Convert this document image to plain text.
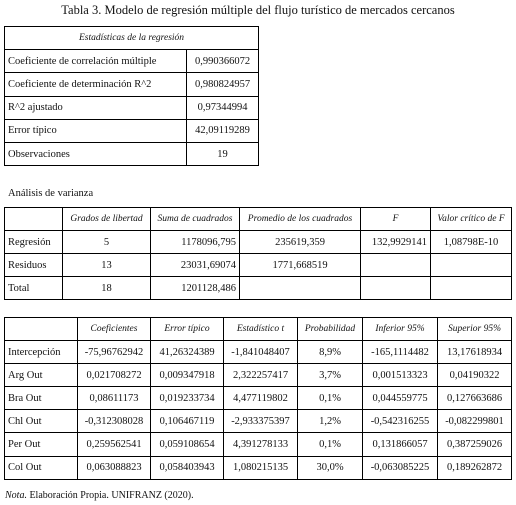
Tabla 3. Modelo de regresión múltiple del flujo turístico de mercados cercanos
Estadísticas de la regresión	
Coeficiente de correlación múltiple	0,990366072
Coeficiente de determinación R^2	0,980824957
R^2 ajustado	0,97344994
Error típico	42,09119289
Observaciones	19
Análisis de varianza
	Grados de libertad	Suma de cuadrados	Promedio de los cuadrados	F	Valor crítico de F
Regresión	5	1178096,795	235619,359	132,9929141	1,08798E-10
Residuos	13	23031,69074	1771,668519		
Total	18	1201128,486			
	Coeficientes	Error típico	Estadístico t	Probabilidad	Inferior 95%	Superior 95%
Intercepción	-75,96762942	41,26324389	-1,841048407	8,9%	-165,1114482	13,17618934
Arg Out	0,021708272	0,009347918	2,322257417	3,7%	0,001513323	0,04190322
Bra Out	0,08611173	0,019233734	4,477119802	0,1%	0,044559775	0,127663686
Chl Out	-0,312308028	0,106467119	-2,933375397	1,2%	-0,542316255	-0,082299801
Per Out	0,259562541	0,059108654	4,391278133	0,1%	0,131866057	0,387259026
Col Out	0,063088823	0,058403943	1,080215135	30,0%	-0,063085225	0,189262872
Nota. Elaboración Propia. UNIFRANZ (2020).
